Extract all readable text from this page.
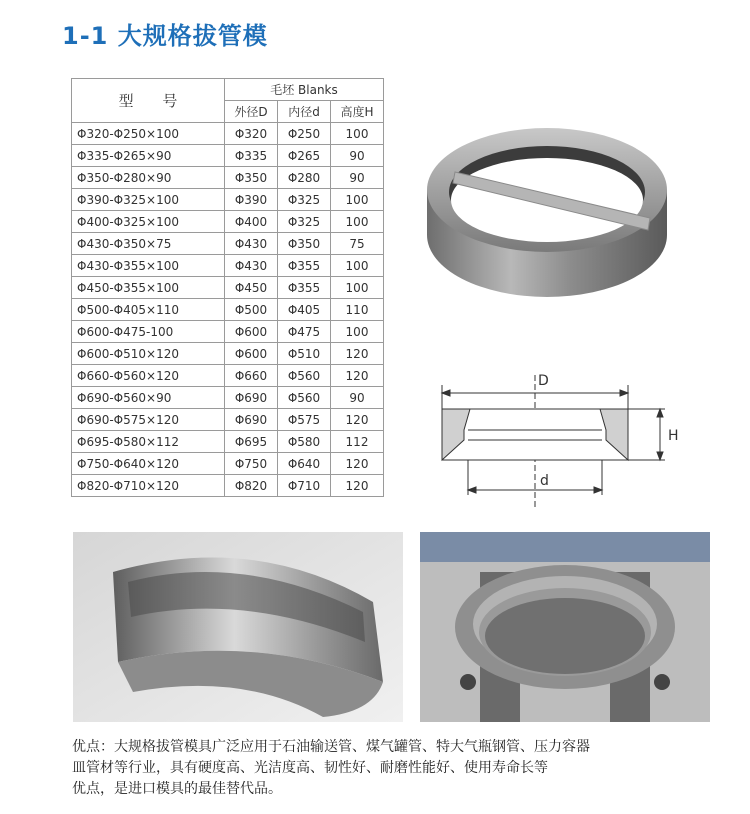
1-1 大规格拔管模
型 号	毛坯 Blanks		
	外径D	内径d	高度H
Φ320-Φ250×100	Φ320	Φ250	100
Φ335-Φ265×90	Φ335	Φ265	90
Φ350-Φ280×90	Φ350	Φ280	90
Φ390-Φ325×100	Φ390	Φ325	100
Φ400-Φ325×100	Φ400	Φ325	100
Φ430-Φ350×75	Φ430	Φ350	75
Φ430-Φ355×100	Φ430	Φ355	100
Φ450-Φ355×100	Φ450	Φ355	100
Φ500-Φ405×110	Φ500	Φ405	110
Φ600-Φ475-100	Φ600	Φ475	100
Φ600-Φ510×120	Φ600	Φ510	120
Φ660-Φ560×120	Φ660	Φ560	120
Φ690-Φ560×90	Φ690	Φ560	90
Φ690-Φ575×120	Φ690	Φ575	120
Φ695-Φ580×112	Φ695	Φ580	112
Φ750-Φ640×120	Φ750	Φ640	120
Φ820-Φ710×120	Φ820	Φ710	120
D
d
H
优点：大规格拔管模具广泛应用于石油输送管、煤气罐管、特大气瓶钢管、压力容器
皿管材等行业，具有硬度高、光洁度高、韧性好、耐磨性能好、使用寿命长等
优点，是进口模具的最佳替代品。
